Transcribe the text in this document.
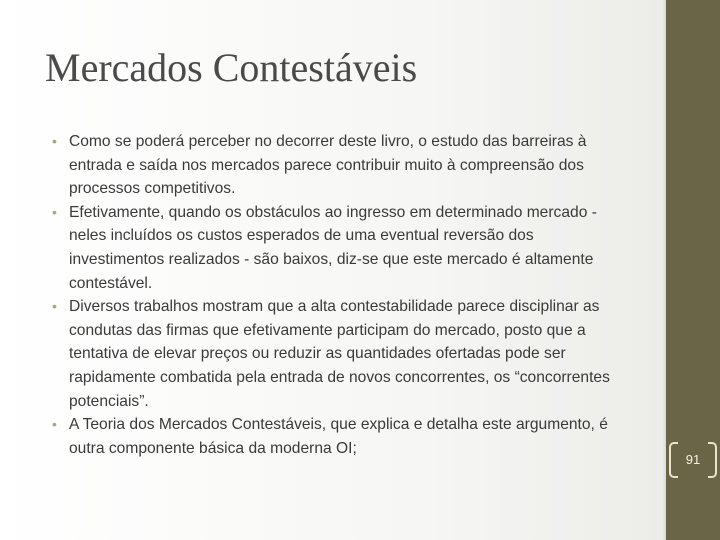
Mercados Contestáveis
• Como se poderá perceber no decorrer deste livro, o estudo das barreiras à entrada e saída nos mercados parece contribuir muito à compreensão dos processos competitivos.
• Efetivamente, quando os obstáculos ao ingresso em determinado mercado - neles incluídos os custos esperados de uma eventual reversão dos investimentos realizados - são baixos, diz-se que este mercado é altamente contestável.
• Diversos trabalhos mostram que a alta contestabilidade parece disciplinar as condutas das firmas que efetivamente participam do mercado, posto que a tentativa de elevar preços ou reduzir as quantidades ofertadas pode ser rapidamente combatida pela entrada de novos concorrentes, os “concorrentes potenciais”.
• A Teoria dos Mercados Contestáveis, que explica e detalha este argumento, é outra componente básica da moderna OI;
91
